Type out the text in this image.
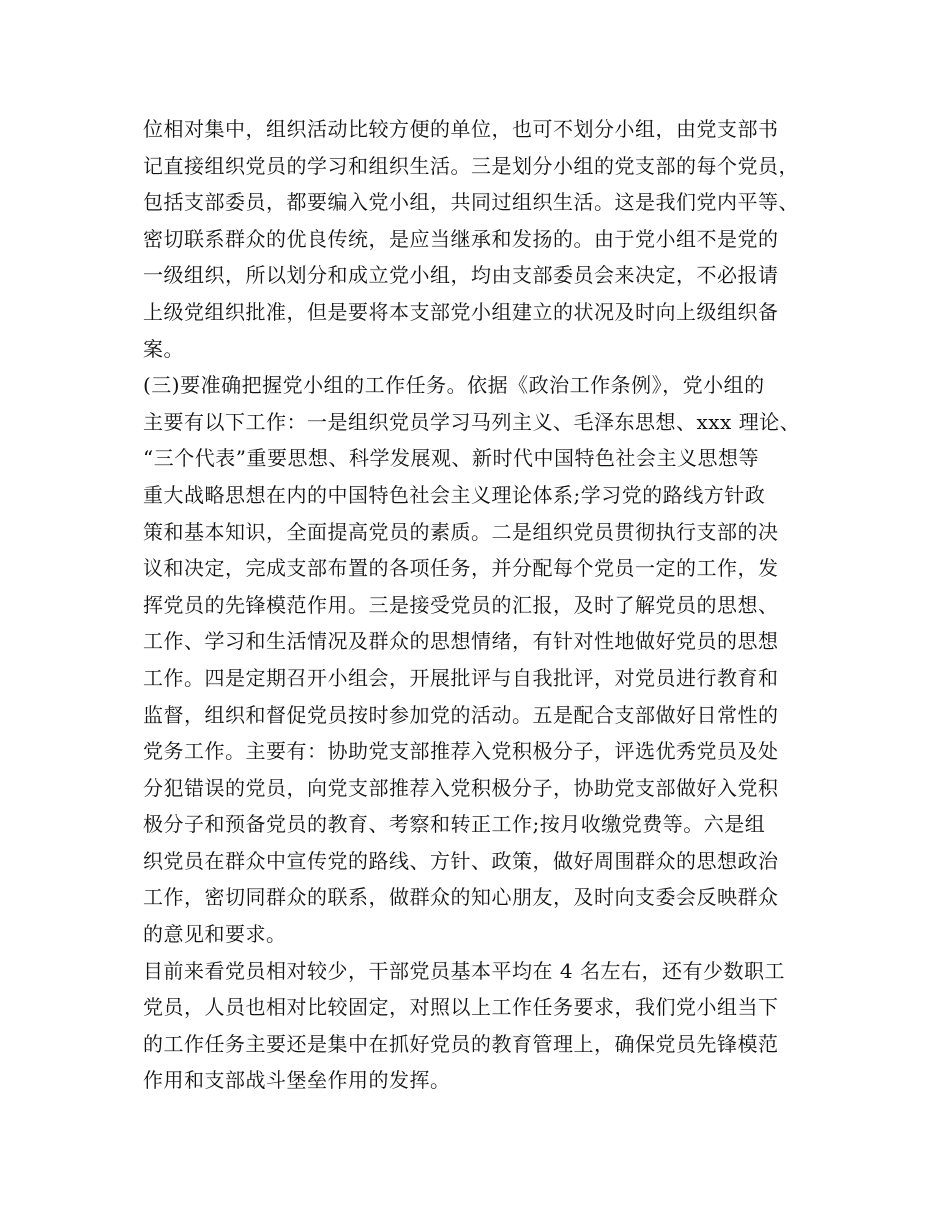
位相对集中，组织活动比较方便的单位，也可不划分小组，由党支部书
记直接组织党员的学习和组织生活。三是划分小组的党支部的每个党员，
包括支部委员，都要编入党小组，共同过组织生活。这是我们党内平等、
密切联系群众的优良传统，是应当继承和发扬的。由于党小组不是党的
一级组织，所以划分和成立党小组，均由支部委员会来决定，不必报请
上级党组织批准，但是要将本支部党小组建立的状况及时向上级组织备
案。
(三)要准确把握党小组的工作任务。依据《政治工作条例》，党小组的
主要有以下工作：一是组织党员学习马列主义、毛泽东思想、xxx 理论、
“三个代表”重要思想、科学发展观、新时代中国特色社会主义思想等
重大战略思想在内的中国特色社会主义理论体系;学习党的路线方针政
策和基本知识，全面提高党员的素质。二是组织党员贯彻执行支部的决
议和决定，完成支部布置的各项任务，并分配每个党员一定的工作，发
挥党员的先锋模范作用。三是接受党员的汇报，及时了解党员的思想、
工作、学习和生活情况及群众的思想情绪，有针对性地做好党员的思想
工作。四是定期召开小组会，开展批评与自我批评，对党员进行教育和
监督，组织和督促党员按时参加党的活动。五是配合支部做好日常性的
党务工作。主要有：协助党支部推荐入党积极分子，评选优秀党员及处
分犯错误的党员，向党支部推荐入党积极分子，协助党支部做好入党积
极分子和预备党员的教育、考察和转正工作;按月收缴党费等。六是组
织党员在群众中宣传党的路线、方针、政策，做好周围群众的思想政治
工作，密切同群众的联系，做群众的知心朋友，及时向支委会反映群众
的意见和要求。
目前来看党员相对较少，干部党员基本平均在 4 名左右，还有少数职工
党员，人员也相对比较固定，对照以上工作任务要求，我们党小组当下
的工作任务主要还是集中在抓好党员的教育管理上，确保党员先锋模范
作用和支部战斗堡垒作用的发挥。
